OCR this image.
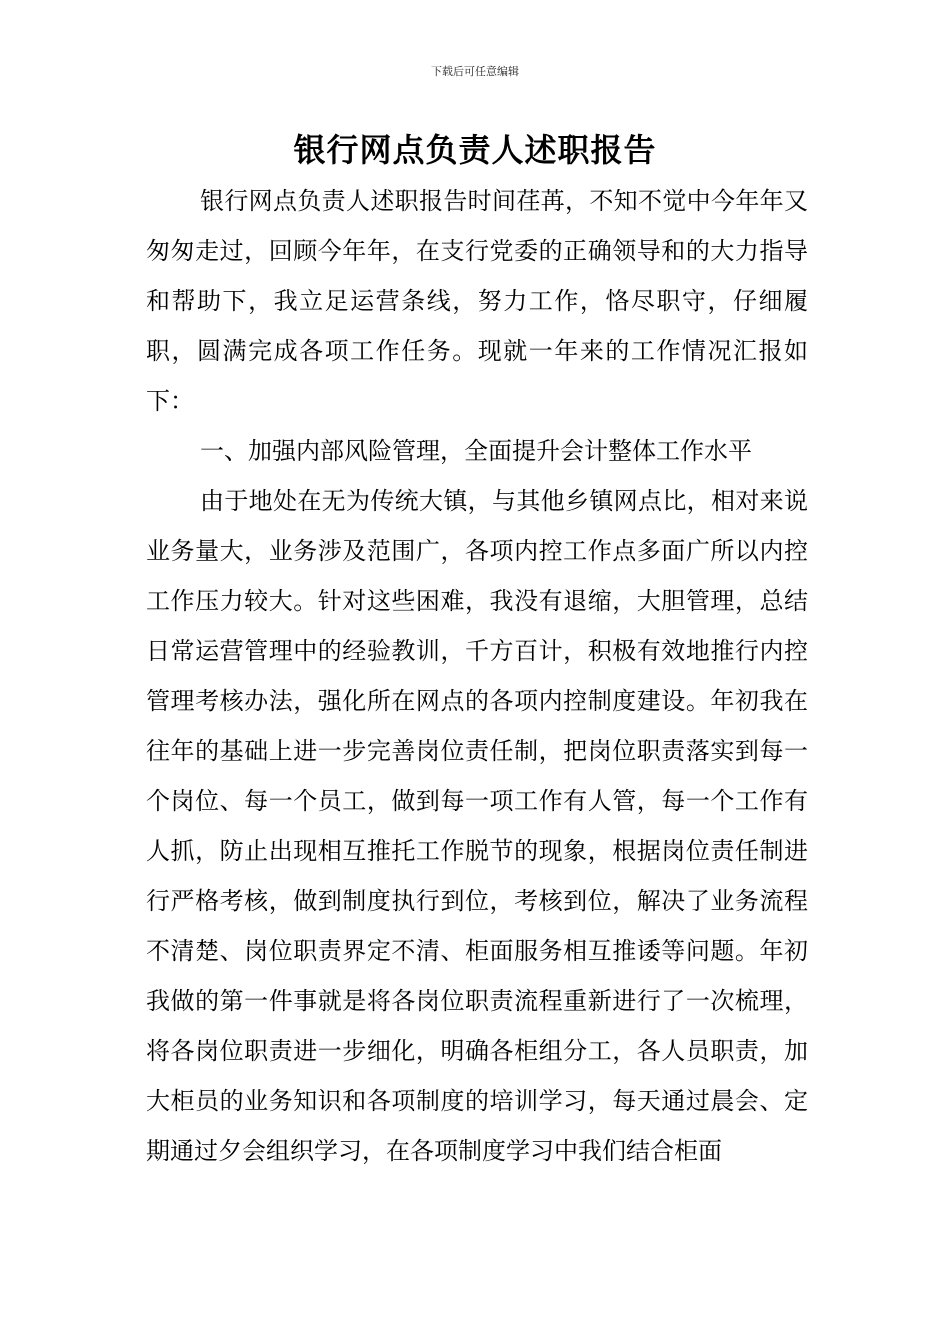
下载后可任意编辑
银行网点负责人述职报告

银行网点负责人述职报告时间荏苒，不知不觉中今年年又匆匆走过，回顾今年年，在支行党委的正确领导和的大力指导和帮助下，我立足运营条线，努力工作，恪尽职守，仔细履职，圆满完成各项工作任务。现就一年来的工作情况汇报如下：

一、加强内部风险管理，全面提升会计整体工作水平

由于地处在无为传统大镇，与其他乡镇网点比，相对来说业务量大，业务涉及范围广，各项内控工作点多面广所以内控工作压力较大。针对这些困难，我没有退缩，大胆管理，总结日常运营管理中的经验教训，千方百计，积极有效地推行内控管理考核办法，强化所在网点的各项内控制度建设。年初我在往年的基础上进一步完善岗位责任制，把岗位职责落实到每一个岗位、每一个员工，做到每一项工作有人管，每一个工作有人抓，防止出现相互推托工作脱节的现象，根据岗位责任制进行严格考核，做到制度执行到位，考核到位，解决了业务流程不清楚、岗位职责界定不清、柜面服务相互推诿等问题。年初我做的第一件事就是将各岗位职责流程重新进行了一次梳理，将各岗位职责进一步细化，明确各柜组分工，各人员职责，加大柜员的业务知识和各项制度的培训学习，每天通过晨会、定期通过夕会组织学习，在各项制度学习中我们结合柜面
